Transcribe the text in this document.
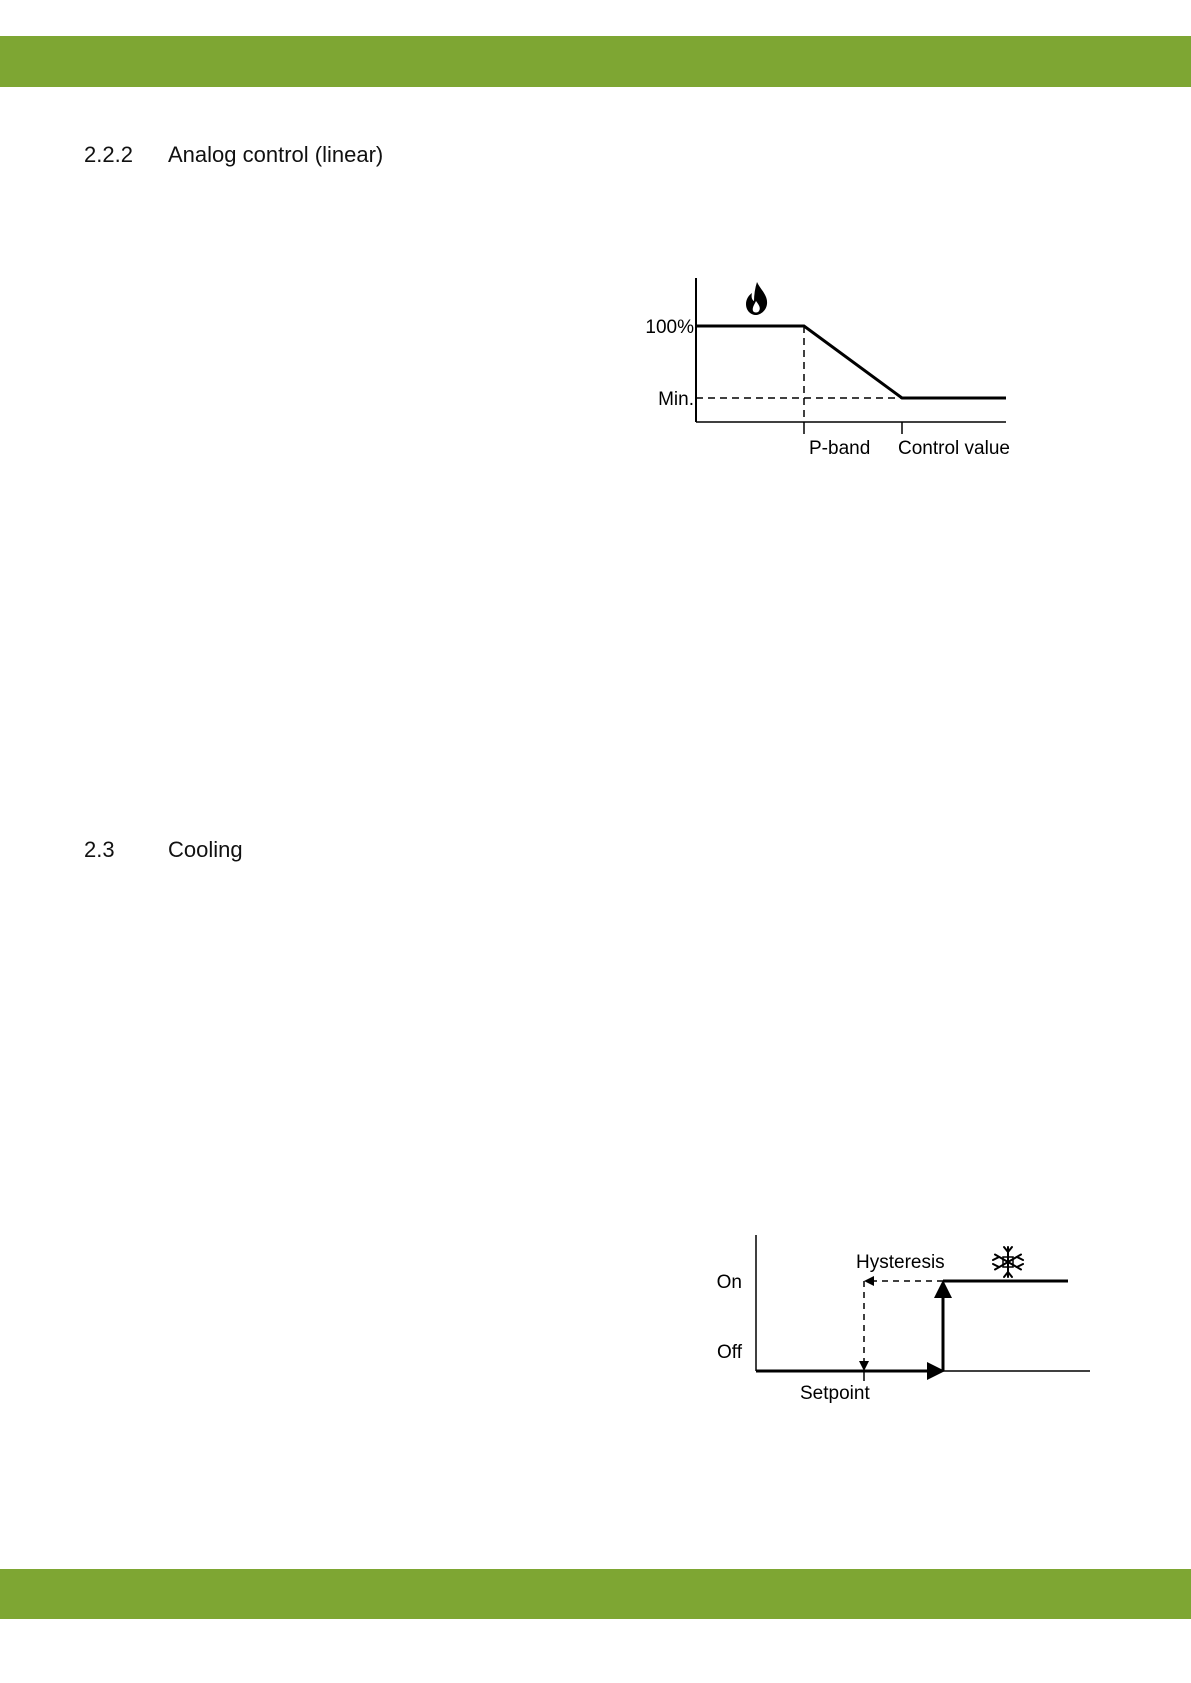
2.2.2	Analog control (linear)
100%
Min.
P-band Control value
2.3	Cooling
On
Off
Hysteresis
Setpoint
